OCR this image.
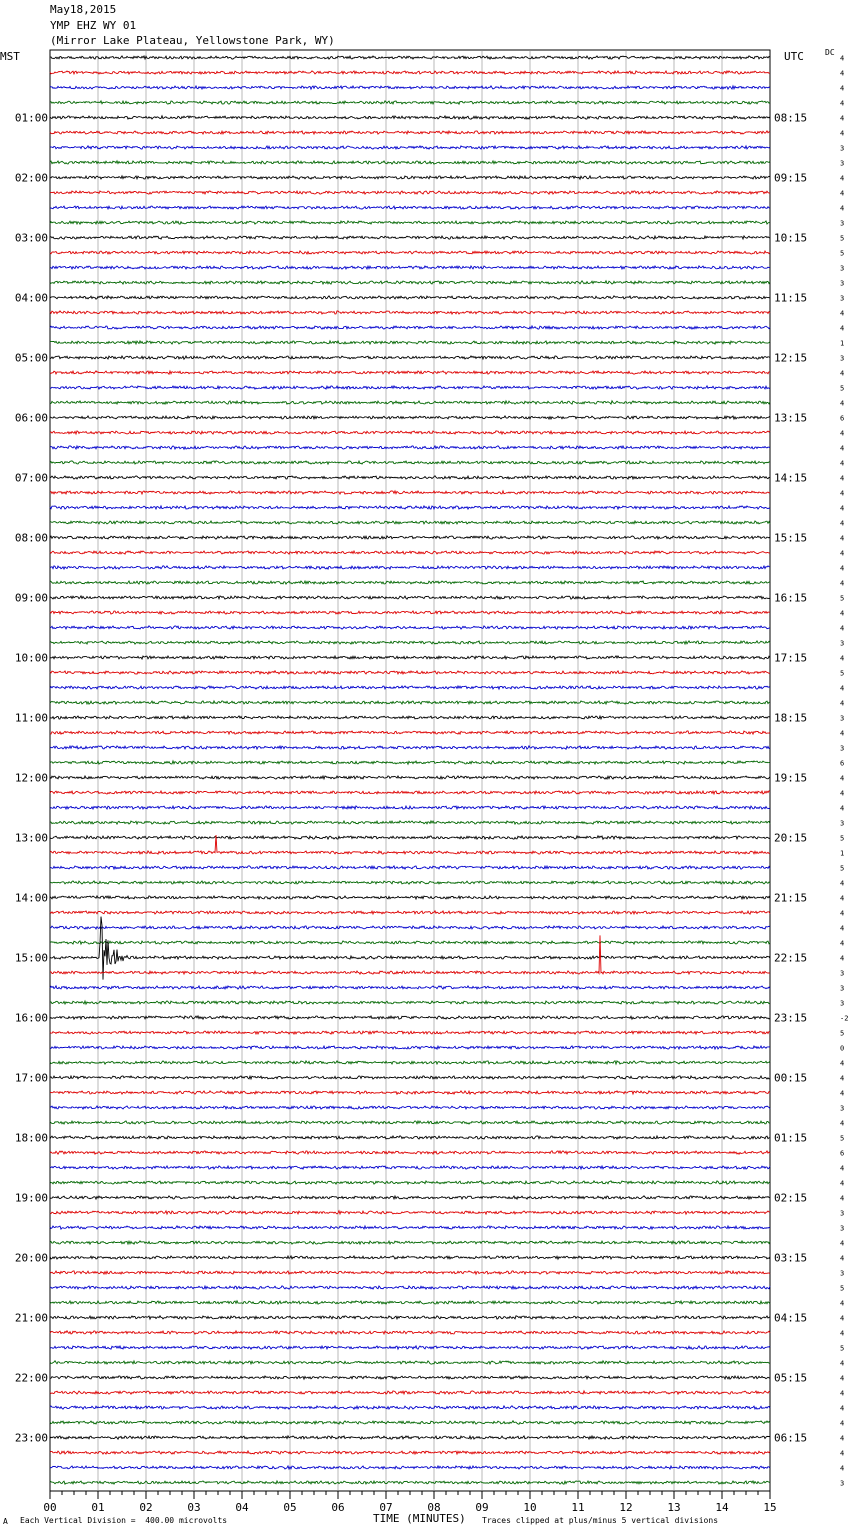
May18,2015
YMP EHZ WY 01
(Mirror Lake Plateau, Yellowstone Park, WY)
MST	UTC	DC
4
4
4
4
4
4
3
3
4
4
4
3
5
5
3
3
3
4
4
1
3
4
5
4
6
4
4
4
4
4
4
4
4
4
4
4
5
4
4
3
4
5
4
4
3
4
3
6
4
4
4
3
5
1
5
4
4
4
4
4
4
3
3
3
-2
5
0
4
4
4
3
4
5
6
4
4
4
3
3
4
4
3
5
4
4
4
5
4
4
4
4
4
4
4
4
3
01:00
02:00
03:00
04:00
05:00
06:00
07:00
08:00
09:00
10:00
11:00
12:00
13:00
14:00
15:00
16:00
17:00
18:00
19:00
20:00
21:00
22:00
23:00
08:15
09:15
10:15
11:15
12:15
13:15
14:15
15:15
16:15
17:15
18:15
19:15
20:15
21:15
22:15
23:15
00:15
01:15
02:15
03:15
04:15
05:15
06:15
00	01	02	03	04	05	06	07	08	09	10	11	12	13	14	15
TIME (MINUTES)
A Each Vertical Division =  400.00 microvolts	Traces clipped at plus/minus 5 vertical divisions
